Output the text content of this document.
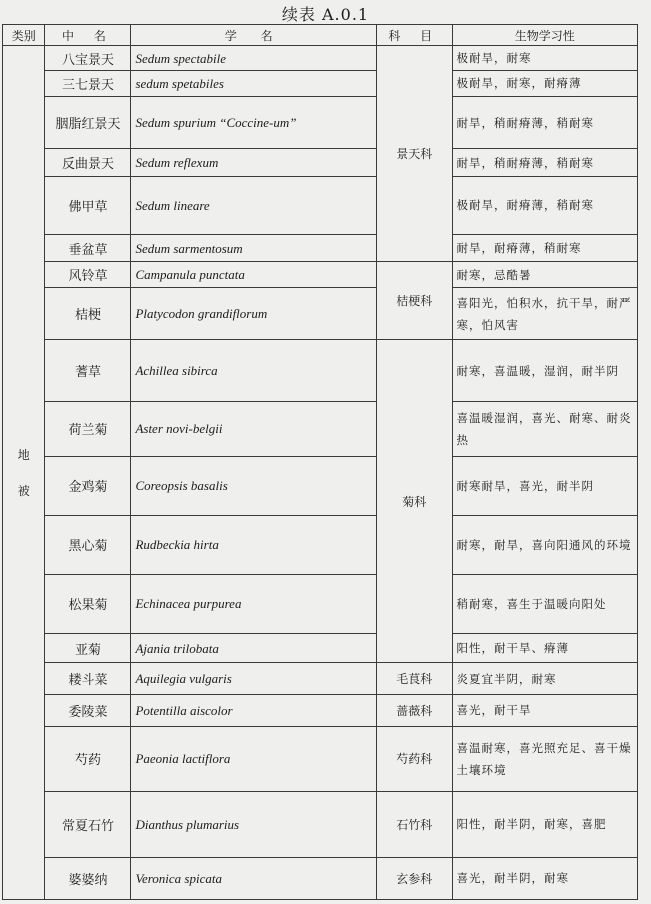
续表 A.0.1
类别	中 名	学 名	科 目	生物学习性

地
被	八宝景天	Sedum spectabile	景天科	极耐旱，耐寒
	三七景天	sedum spetabiles		极耐旱，耐寒，耐瘠薄
	胭脂红景天	Sedum spurium “Coccine-um”		耐旱，稍耐瘠薄，稍耐寒
	反曲景天	Sedum reflexum		耐旱，稍耐瘠薄，稍耐寒
	佛甲草	Sedum lineare		极耐旱，耐瘠薄，稍耐寒
	垂盆草	Sedum sarmentosum		耐旱，耐瘠薄，稍耐寒
	风铃草	Campanula punctata	桔梗科	耐寒，忌酷暑
	桔梗	Platycodon grandiflorum		喜阳光，怕积水，抗干旱，耐严寒，怕风害
	蓍草	Achillea sibirca	菊科	耐寒，喜温暖，湿润，耐半阴
	荷兰菊	Aster novi-belgii		喜温暖湿润，喜光、耐寒、耐炎热
	金鸡菊	Coreopsis basalis		耐寒耐旱，喜光，耐半阴
	黑心菊	Rudbeckia hirta		耐寒，耐旱，喜向阳通风的环境
	松果菊	Echinacea purpurea		稍耐寒，喜生于温暖向阳处
	亚菊	Ajania trilobata		阳性，耐干旱、瘠薄
	耧斗菜	Aquilegia vulgaris	毛茛科	炎夏宜半阴，耐寒
	委陵菜	Potentilla aiscolor	蔷薇科	喜光，耐干旱
	芍药	Paeonia lactiflora	芍药科	喜温耐寒，喜光照充足、喜干燥土壤环境
	常夏石竹	Dianthus plumarius	石竹科	阳性，耐半阴，耐寒，喜肥
	婆婆纳	Veronica spicata	玄参科	喜光，耐半阴，耐寒
